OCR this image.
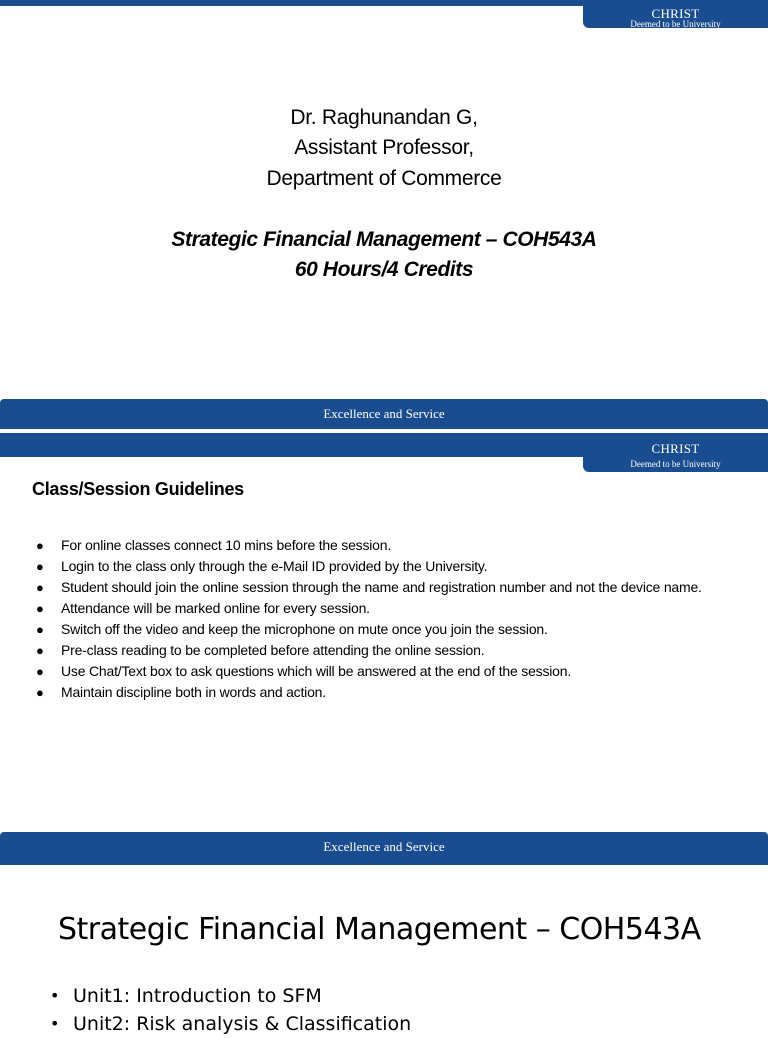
CHRIST
Deemed to be University
Dr. Raghunandan G,
Assistant Professor,
Department of Commerce
Strategic Financial Management – COH543A
60 Hours/4 Credits
Excellence and Service
CHRIST
Deemed to be University
Class/Session Guidelines
● For online classes connect 10 mins before the session.
● Login to the class only through the e-Mail ID provided by the University.
● Student should join the online session through the name and registration number and not the device name.
● Attendance will be marked online for every session.
● Switch off the video and keep the microphone on mute once you join the session.
● Pre-class reading to be completed before attending the online session.
● Use Chat/Text box to ask questions which will be answered at the end of the session.
● Maintain discipline both in words and action.
Excellence and Service
Strategic Financial Management – COH543A
• Unit1: Introduction to SFM
• Unit2: Risk analysis & Classification
